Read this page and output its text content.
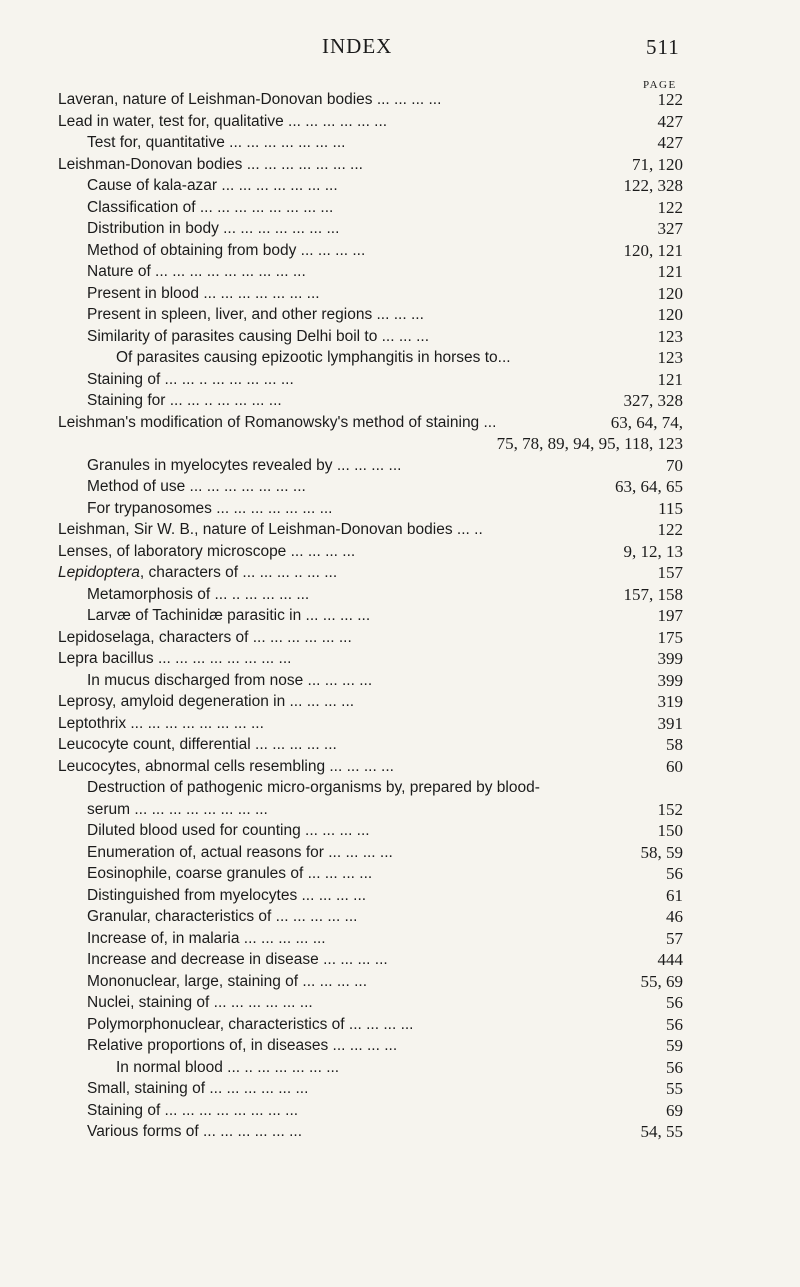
INDEX	511
PAGE
Laveran, nature of Leishman-Donovan bodies ... ... ... ...	122
Lead in water, test for, qualitative ... ... ... ... ... ...	427
Test for, quantitative ... ... ... ... ... ... ...	427
Leishman-Donovan bodies ... ... ... ... ... ... ...	71, 120
Cause of kala-azar ... ... ... ... ... ... ...	122, 328
Classification of ... ... ... ... ... ... ... ...	122
Distribution in body ... ... ... ... ... ... ...	327
Method of obtaining from body ... ... ... ...	120, 121
Nature of ... ... ... ... ... ... ... ... ...	121
Present in blood ... ... ... ... ... ... ...	120
Present in spleen, liver, and other regions ... ... ...	120
Similarity of parasites causing Delhi boil to ... ... ...	123
Of parasites causing epizootic lymphangitis in horses to...	123
Staining of ... ... .. ... ... ... ... ...	121
Staining for ... ... .. ... ... ... ...	327, 328
Leishman's modification of Romanowsky's method of staining ...	63, 64, 74,
75, 78, 89, 94, 95, 118, 123
Granules in myelocytes revealed by ... ... ... ...	70
Method of use ... ... ... ... ... ... ...	63, 64, 65
For trypanosomes ... ... ... ... ... ... ...	115
Leishman, Sir W. B., nature of Leishman-Donovan bodies ... ..	122
Lenses, of laboratory microscope ... ... ... ...	9, 12, 13
Lepidoptera, characters of ... ... ... .. ... ...	157
Metamorphosis of ... .. ... ... ... ...	157, 158
Larvæ of Tachinidæ parasitic in ... ... ... ...	197
Lepidoselaga, characters of ... ... ... ... ... ...	175
Lepra bacillus ... ... ... ... ... ... ... ...	399
In mucus discharged from nose ... ... ... ...	399
Leprosy, amyloid degeneration in ... ... ... ...	319
Leptothrix ... ... ... ... ... ... ... ...	391
Leucocyte count, differential ... ... ... ... ...	58
Leucocytes, abnormal cells resembling ... ... ... ...	60
Destruction of pathogenic micro-organisms by, prepared by blood-
serum ... ... ... ... ... ... ... ...	152
Diluted blood used for counting ... ... ... ...	150
Enumeration of, actual reasons for ... ... ... ...	58, 59
Eosinophile, coarse granules of ... ... ... ...	56
Distinguished from myelocytes ... ... ... ...	61
Granular, characteristics of ... ... ... ... ...	46
Increase of, in malaria ... ... ... ... ...	57
Increase and decrease in disease ... ... ... ...	444
Mononuclear, large, staining of ... ... ... ...	55, 69
Nuclei, staining of ... ... ... ... ... ...	56
Polymorphonuclear, characteristics of ... ... ... ...	56
Relative proportions of, in diseases ... ... ... ...	59
In normal blood ... .. ... ... ... ... ...	56
Small, staining of ... ... ... ... ... ...	55
Staining of ... ... ... ... ... ... ... ...	69
Various forms of ... ... ... ... ... ...	54, 55
